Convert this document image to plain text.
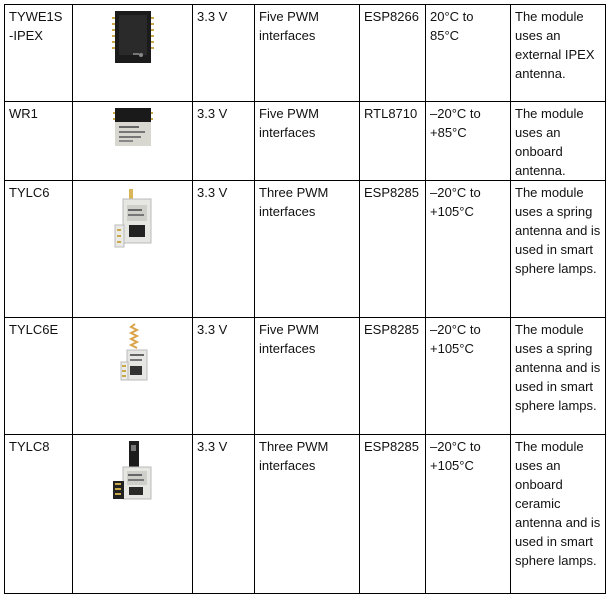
TYWE1S -IPEX		3.3 V	Five PWM interfaces	ESP8266	20°C to 85°C	The module uses an external IPEX antenna.
WR1		3.3 V	Five PWM interfaces	RTL8710	–20°C to +85°C	The module uses an onboard antenna.
TYLC6		3.3 V	Three PWM interfaces	ESP8285	–20°C to +105°C	The module uses a spring antenna and is used in smart sphere lamps.
TYLC6E		3.3 V	Five PWM interfaces	ESP8285	–20°C to +105°C	The module uses a spring antenna and is used in smart sphere lamps.
TYLC8		3.3 V	Three PWM interfaces	ESP8285	–20°C to +105°C	The module uses an onboard ceramic antenna and is used in smart sphere lamps.
